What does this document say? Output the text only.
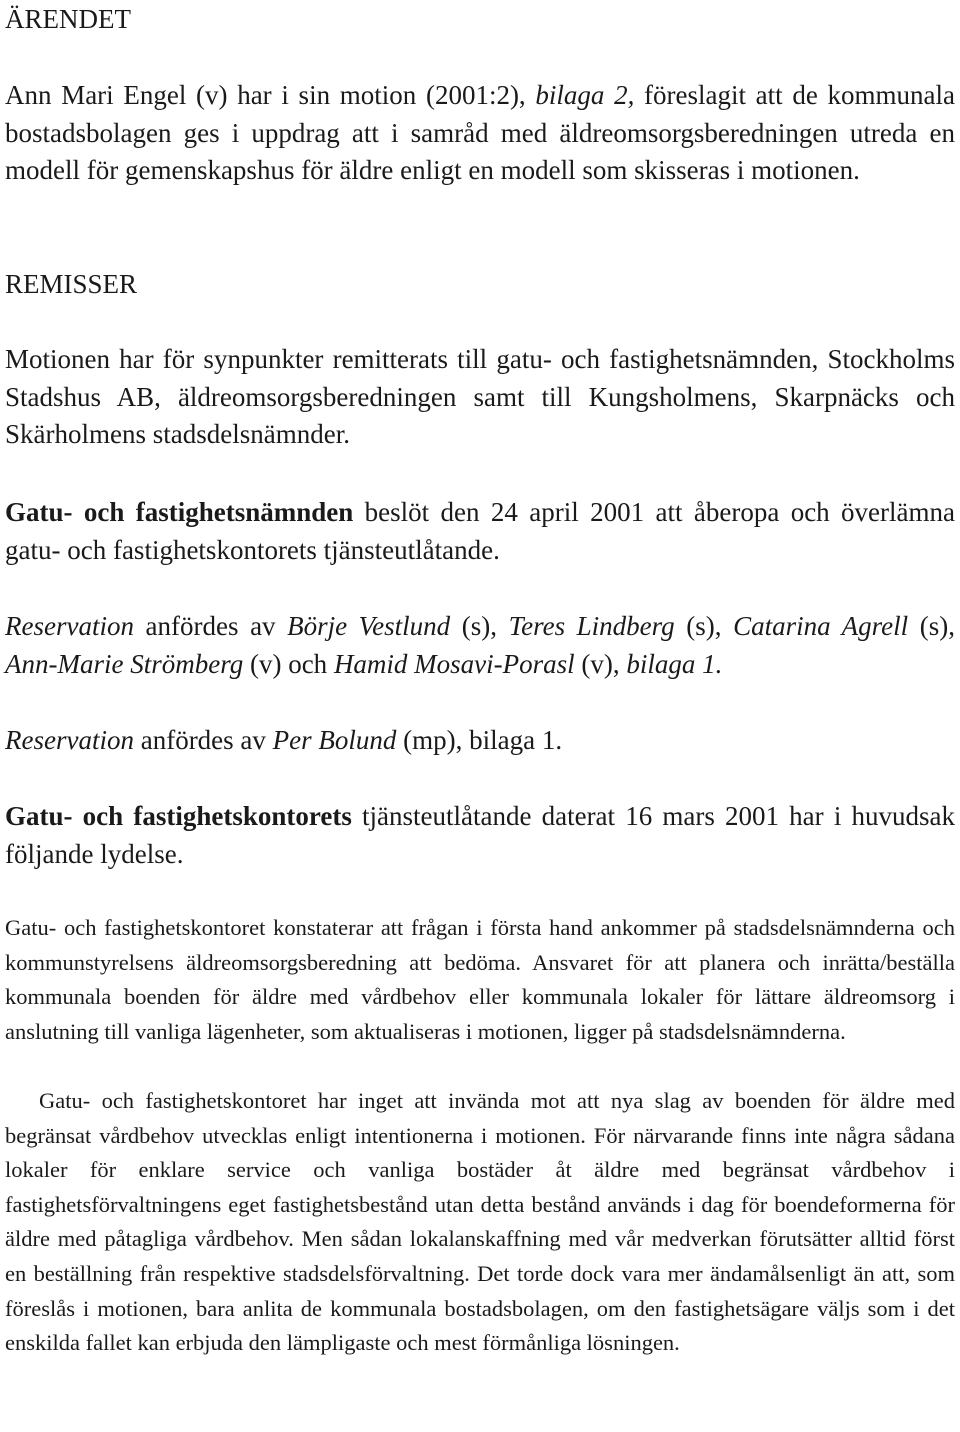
ÄRENDET

Ann Mari Engel (v) har i sin motion (2001:2), bilaga 2, föreslagit att de kommunala bostadsbolagen ges i uppdrag att i samråd med äldreomsorgsberedningen utreda en modell för gemenskapshus för äldre enligt en modell som skisseras i motionen.

REMISSER

Motionen har för synpunkter remitterats till gatu- och fastighetsnämnden, Stockholms Stadshus AB, äldreomsorgsberedningen samt till Kungsholmens, Skarpnäcks och Skärholmens stadsdelsnämnder.

Gatu- och fastighetsnämnden beslöt den 24 april 2001 att åberopa och överlämna gatu- och fastighetskontorets tjänsteutlåtande.

Reservation anfördes av Börje Vestlund (s), Teres Lindberg (s), Catarina Agrell (s), Ann-Marie Strömberg (v) och Hamid Mosavi-Porasl (v), bilaga 1.

Reservation anfördes av Per Bolund (mp), bilaga 1.

Gatu- och fastighetskontorets tjänsteutlåtande daterat 16 mars 2001 har i huvudsak följande lydelse.

Gatu- och fastighetskontoret konstaterar att frågan i första hand ankommer på stadsdelsnämnderna och kommunstyrelsens äldreomsorgsberedning att bedöma. Ansvaret för att planera och inrätta/beställa kommunala boenden för äldre med vårdbehov eller kommunala lokaler för lättare äldreomsorg i anslutning till vanliga lägenheter, som aktualiseras i motionen, ligger på stadsdelsnämnderna.

Gatu- och fastighetskontoret har inget att invända mot att nya slag av boenden för äldre med begränsat vårdbehov utvecklas enligt intentionerna i motionen. För närvarande finns inte några sådana lokaler för enklare service och vanliga bostäder åt äldre med begränsat vårdbehov i fastighetsförvaltningens eget fastighetsbestånd utan detta bestånd används i dag för boendeformerna för äldre med påtagliga vårdbehov. Men sådan lokalanskaffning med vår medverkan förutsätter alltid först en beställning från respektive stadsdelsförvaltning. Det torde dock vara mer ändamålsenligt än att, som föreslås i motionen, bara anlita de kommunala bostadsbolagen, om den fastighetsägare väljs som i det enskilda fallet kan erbjuda den lämpligaste och mest förmånliga lösningen.
